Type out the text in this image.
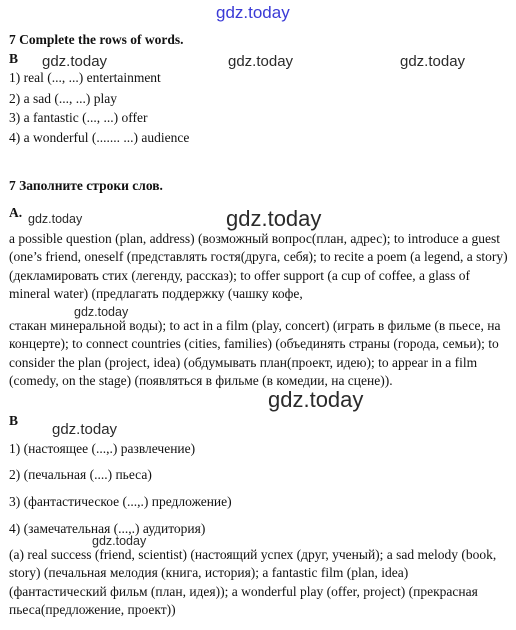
gdz.today
gdz.today	gdz.today	gdz.today
gdz.today	gdz.today
gdz.today
gdz.today
gdz.today
gdz.today
7 Complete the rows of words.
B
1) real (..., ...) entertainment
2) a sad (..., ...) play
3) a fantastic (..., ...) offer
4) a wonderful (....... ...) audience
7 Заполните строки слов.
A.
a possible question (plan, address) (возможный вопрос(план, адрес); to introduce a guest (one’s friend, oneself (представлять гостя(друга, себя); to recite a poem (a legend, a story) (декламировать стих (легенду, рассказ); to offer support (a cup of coffee, a glass of mineral water) (предлагать поддержку (чашку кофе,
стакан минеральной воды); to act in a film (play, concert) (играть в фильме (в пьесе, на концерте); to connect countries (cities, families) (объединять страны (города, семьи); to consider the plan (project, idea) (обдумывать план(проект, идею); to appear in a film (comedy, on the stage) (появляться в фильме (в комедии, на сцене)).
B
1) (настоящее (...,.) развлечение)
2) (печальная (....) пьеса)
3) (фантастическое (...,.) предложение)
4) (замечательная (...,.) аудитория)
(a) real success (friend, scientist) (настоящий успех (друг, ученый); a sad melody (book, story) (печальная мелодия (книга, история); a fantastic film (plan, idea) (фантастический фильм (план, идея)); a wonderful play (offer, project) (прекрасная пьеса(предложение, проект))
